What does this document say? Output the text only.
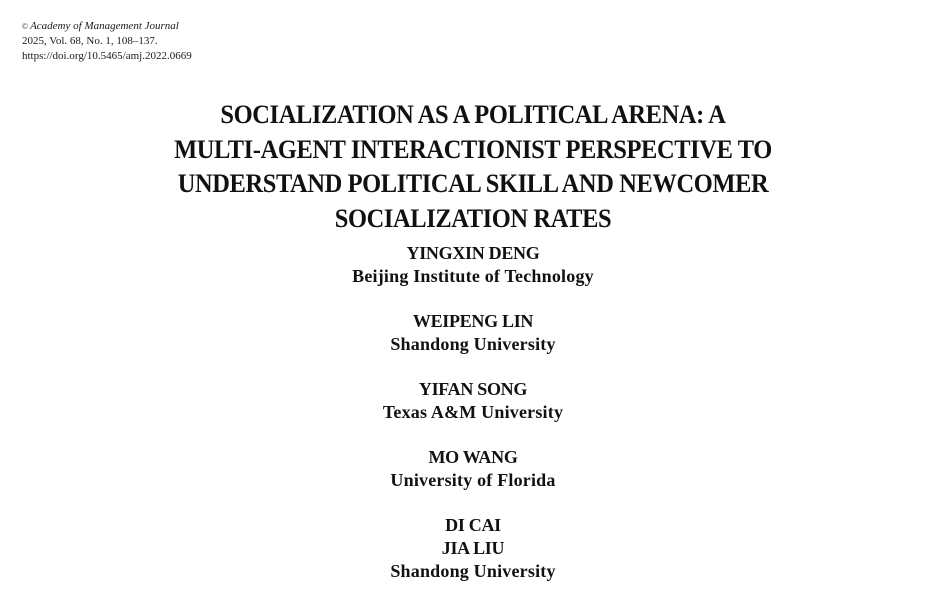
© Academy of Management Journal
2025, Vol. 68, No. 1, 108–137.
https://doi.org/10.5465/amj.2022.0669
SOCIALIZATION AS A POLITICAL ARENA: A
MULTI-AGENT INTERACTIONIST PERSPECTIVE TO
UNDERSTAND POLITICAL SKILL AND NEWCOMER
SOCIALIZATION RATES
YINGXIN DENG
Beijing Institute of Technology
WEIPENG LIN
Shandong University
YIFAN SONG
Texas A&M University
MO WANG
University of Florida
DI CAI
JIA LIU
Shandong University
